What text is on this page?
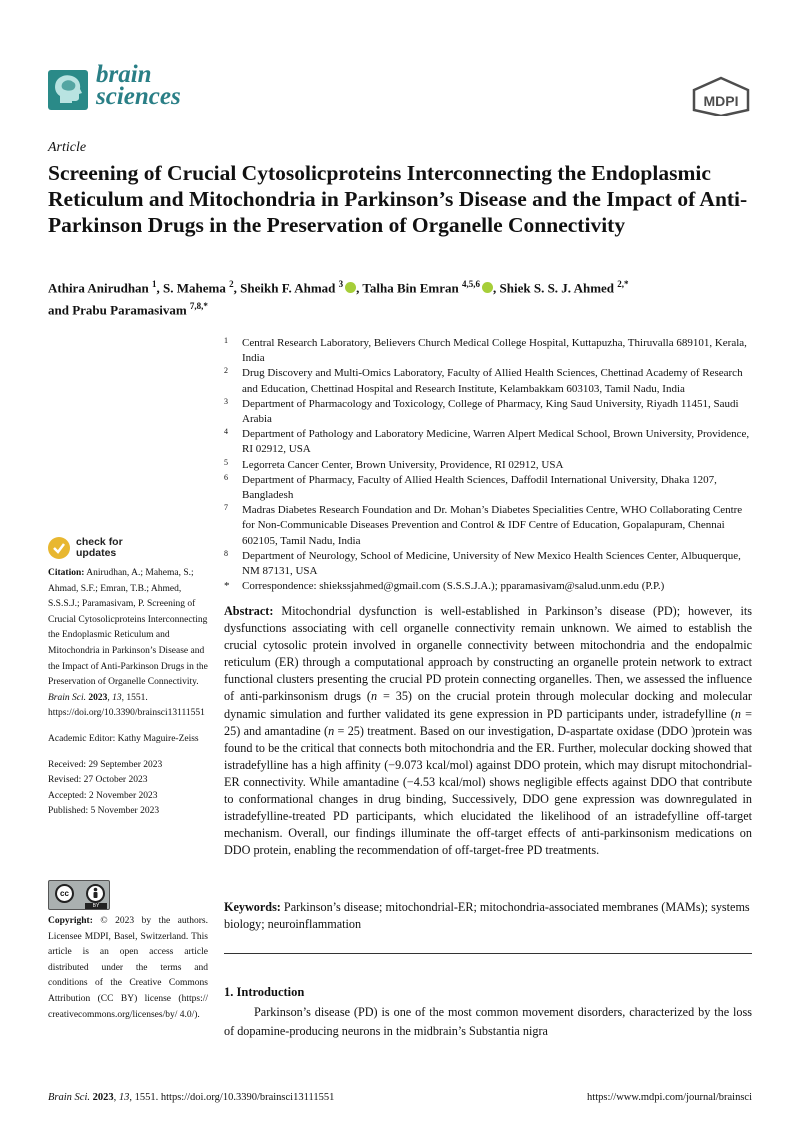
brain
sciences	MDPI
Article
Screening of Crucial Cytosolicproteins Interconnecting the Endoplasmic Reticulum and Mitochondria in Parkinson’s Disease and the Impact of Anti-Parkinson Drugs in the Preservation of Organelle Connectivity
Athira Anirudhan $^1$, S. Mahema $^2$, Sheikh F. Ahmad $^3$ , Talha Bin Emran $^{4,5,6}$ , Shiek S. S. J. Ahmed $^{2,*}$
and Prabu Paramasivam $^{7,8,*}$
1 Central Research Laboratory, Believers Church Medical College Hospital, Kuttapuzha, Thiruvalla 689101, Kerala, India
2 Drug Discovery and Multi-Omics Laboratory, Faculty of Allied Health Sciences, Chettinad Academy of Research and Education, Chettinad Hospital and Research Institute, Kelambakkam 603103, Tamil Nadu, India
3 Department of Pharmacology and Toxicology, College of Pharmacy, King Saud University, Riyadh 11451, Saudi Arabia
4 Department of Pathology and Laboratory Medicine, Warren Alpert Medical School, Brown University, Providence, RI 02912, USA
5 Legorreta Cancer Center, Brown University, Providence, RI 02912, USA
6 Department of Pharmacy, Faculty of Allied Health Sciences, Daffodil International University, Dhaka 1207, Bangladesh
7 Madras Diabetes Research Foundation and Dr. Mohan’s Diabetes Specialities Centre, WHO Collaborating Centre for Non-Communicable Diseases Prevention and Control & IDF Centre of Education, Gopalapuram, Chennai 602105, Tamil Nadu, India
8 Department of Neurology, School of Medicine, University of New Mexico Health Sciences Center, Albuquerque, NM 87131, USA
* Correspondence: shiekssjahmed@gmail.com (S.S.S.J.A.); pparamasivam@salud.unm.edu (P.P.)
check for
updates

Citation: Anirudhan, A.; Mahema, S.; Ahmad, S.F.; Emran, T.B.; Ahmed, S.S.S.J.; Paramasivam, P. Screening of Crucial Cytosolicproteins Interconnecting the Endoplasmic Reticulum and Mitochondria in Parkinson’s Disease and the Impact of Anti-Parkinson Drugs in the Preservation of Organelle Connectivity. Brain Sci. 2023, 13, 1551. https://doi.org/10.3390/brainsci13111551

Academic Editor: Kathy Maguire-Zeiss

Received: 29 September 2023

Revised: 27 October 2023

Accepted: 2 November 2023

Published: 5 November 2023

cc
BY
Copyright: © 2023 by the authors. Licensee MDPI, Basel, Switzerland. This article is an open access article distributed under the terms and conditions of the Creative Commons Attribution (CC BY) license (https:// creativecommons.org/licenses/by/ 4.0/).

Abstract: Mitochondrial dysfunction is well-established in Parkinson’s disease (PD); however, its dysfunctions associating with cell organelle connectivity remain unknown. We aimed to establish the crucial cytosolic protein involved in organelle connectivity between mitochondria and the endopalmic reticulum (ER) through a computational approach by constructing an organelle protein network to extract functional clusters presenting the crucial PD protein connecting organelles. Then, we assessed the influence of anti-parkinsonism drugs (n = 35) on the crucial protein through molecular docking and molecular dynamic simulation and further validated its gene expression in PD participants under, istradefylline (n = 25) and amantadine (n = 25) treatment. Based on our investigation, D-aspartate oxidase (DDO )protein was found to be the critical that connects both mitochondria and the ER. Further, molecular docking showed that istradefylline has a high affinity (−9.073 kcal/mol) against DDO protein, which may disrupt mitochondrial-ER connectivity. While amantadine (−4.53 kcal/mol) shows negligible effects against DDO that contribute to conformational changes in drug binding, Successively, DDO gene expression was downregulated in istradefylline-treated PD participants, which elucidated the likelihood of an istradefylline off-target mechanism. Overall, our findings illuminate the off-target effects of anti-parkinsonism medications on DDO protein, enabling the recommendation of off-target-free PD treatments.

Keywords: Parkinson’s disease; mitochondrial-ER; mitochondria-associated membranes (MAMs); systems biology; neuroinflammation

1. Introduction

Parkinson’s disease (PD) is one of the most common movement disorders, characterized by the loss of dopamine-producing neurons in the midbrain’s Substantia nigra

Brain Sci. 2023, 13, 1551. https://doi.org/10.3390/brainsci13111551	https://www.mdpi.com/journal/brainsci
